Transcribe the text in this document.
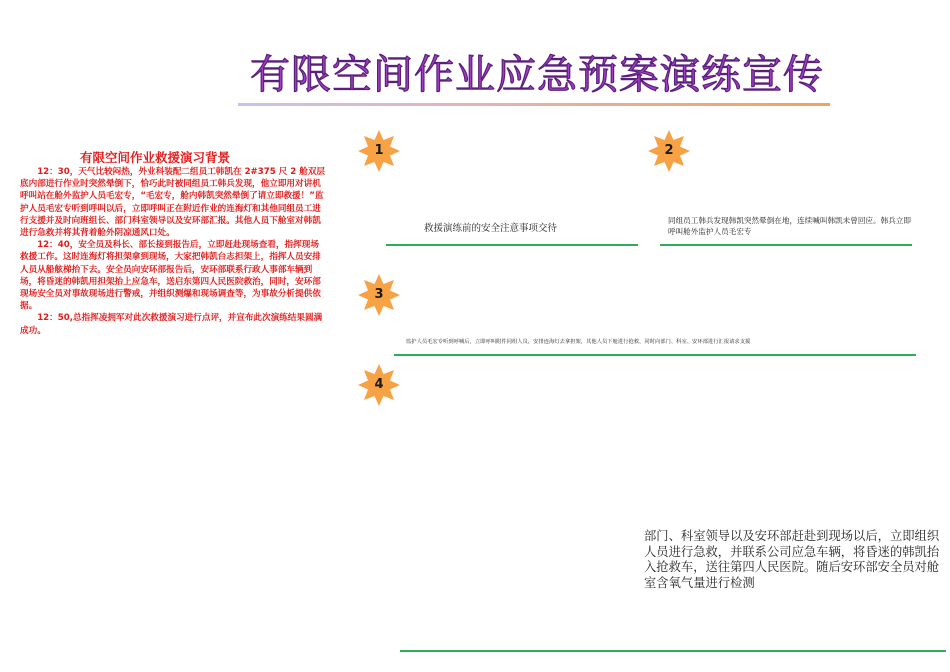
有限空间作业应急预案演练宣传
有限空间作业救援演习背景

12：30，天气比较闷热，外业科装配二组员工韩凯在 2#375 尺 2 舱双层底内部进行作业时突然晕倒下，恰巧此时被同组员工韩兵发现，他立即用对讲机呼叫站在舱外监护人员毛宏专，“毛宏专，舱内韩凯突然晕倒了请立即救援！”监护人员毛宏专听到呼叫以后，立即呼叫正在附近作业的连海灯和其他同组员工进行支援并及时向班组长、部门科室领导以及安环部汇报。其他人员下舱室对韩凯进行急救并将其背着舱外阴凉通风口处。

12：40，安全员及科长、部长接到报告后，立即赶赴现场查看，指挥现场救援工作。这时连海灯将担架拿到现场，大家把韩凯台志担架上，指挥人员安排人员从船舷梯抬下去。安全员向安环部报告后，安环部联系行政人事部车辆到场，将昏迷的韩凯用担架抬上应急车，送启东第四人民医院救治，同时，安环部现场安全员对事故现场进行警戒，并组织测爆和现场调查等，为事故分析提供依据。

12：50,总指挥凌拥军对此次救援演习进行点评，并宣布此次演练结果圆满成功。

1
救援演练前的安全注意事项交待
2
同组员工韩兵发现韩凯突然晕倒在地，连续喊叫韩凯未曾回应。韩兵立即呼叫舱外监护人员毛宏专
3
监护人员毛宏专听到呼喊后，立即呼叫附件同组人员，安排连海灯去拿担架，其他人员下舱进行抢救，同时向部门、科室、安环部进行汇报请求支援
4
部门、科室领导以及安环部赶赴到现场以后，立即组织人员进行急救，并联系公司应急车辆，将昏迷的韩凯抬入抢救车，送往第四人民医院。随后安环部安全员对舱室含氧气量进行检测
